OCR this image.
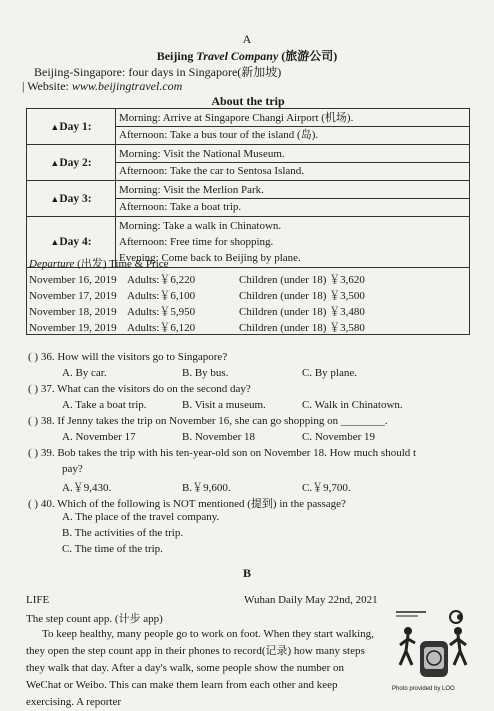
A
Beijing Travel Company (旅游公司)
Beijing-Singapore: four days in Singapore(新加坡)
| Website: www.beijingtravel.com
About the trip
▲Day 1:	Morning: Arrive at Singapore Changi Airport (机场).
Afternoon: Take a bus tour of the island (岛).

▲Day 2:	Morning: Visit the National Museum.
Afternoon: Take the car to Sentosa Island.

▲Day 3:	Morning: Visit the Merlion Park.
Afternoon: Take a boat trip.

▲Day 4:	Morning: Take a walk in Chinatown.
Afternoon: Free time for shopping.
Evening: Come back to Beijing by plane.
Departure (出发) Time & Price
November 16, 2019 Adults:￥6,220	Children (under 18) ￥3,620
November 17, 2019 Adults:￥6,100	Children (under 18) ￥3,500
November 18, 2019 Adults:￥5,950	Children (under 18) ￥3,480
November 19, 2019 Adults:￥6,120	Children (under 18) ￥3,580
( ) 36. How will the visitors go to Singapore?
A. By car.	B. By bus.	C. By plane.
( ) 37. What can the visitors do on the second day?
A. Take a boat trip.	B. Visit a museum.	C. Walk in Chinatown.
( ) 38. If Jenny takes the trip on November 16, she can go shopping on ________.
A. November 17	B. November 18	C. November 19
( ) 39. Bob takes the trip with his ten-year-old son on November 18. How much should t
pay?
A.￥9,430.	B.￥9,600.	C.￥9,700.
( ) 40. Which of the following is NOT mentioned (提到) in the passage?
A. The place of the travel company.
B. The activities of the trip.
C. The time of the trip.
B
LIFE	Wuhan Daily May 22nd, 2021
The step count app. (计步 app)
To keep healthy, many people go to work on foot. When they start walking, they open the step count app in their phones to record(记录) how many steps they walk that day. After a day's walk, some people show the number on WeChat or Weibo. This can make them learn from each other and keep exercising. A reporter
Photo provided by LOO
